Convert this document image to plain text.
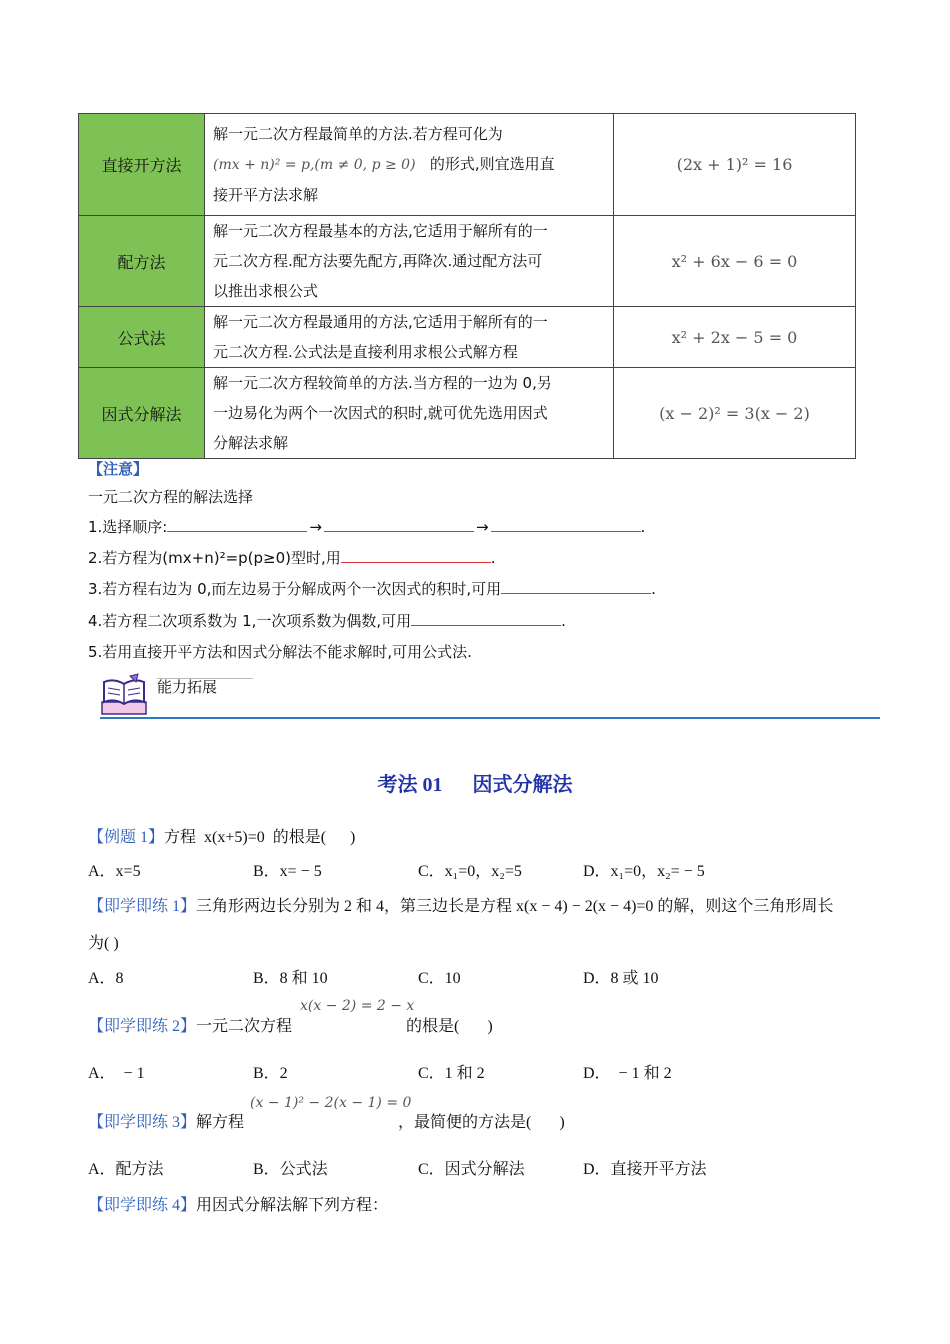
直接开方法	解一元二次方程最简单的方法.若方程可化为
(mx + n)² = p,(m ≠ 0, p ≥ 0) 的形式,则宜选用直
接开平方法求解	(2x + 1)² = 16
配方法	解一元二次方程最基本的方法,它适用于解所有的一
元二次方程.配方法要先配方,再降次.通过配方法可
以推出求根公式	x² + 6x − 6 = 0
公式法	解一元二次方程最通用的方法,它适用于解所有的一
元二次方程.公式法是直接利用求根公式解方程	x² + 2x − 5 = 0
因式分解法	解一元二次方程较简单的方法.当方程的一边为 0,另
一边易化为两个一次因式的积时,就可优先选用因式
分解法求解	(x − 2)² = 3(x − 2)
【注意】
一元二次方程的解法选择
1.选择顺序:	→	→	.
2.若方程为(mx+n)²=p(p≥0)型时,用	.
3.若方程右边为 0,而左边易于分解成两个一次因式的积时,可用	.
4.若方程二次项系数为 1,一次项系数为偶数,可用	.
5.若用直接开平方法和因式分解法不能求解时,可用公式法.
能力拓展
考法 01      因式分解法
【例题 1】方程  x(x+5)=0  的根是(      )
A．x=5	B．x= − 5	C．x₁=0，x₂=5	D．x₁=0，x₂= − 5
【即学即练 1】三角形两边长分别为 2 和 4，第三边长是方程 x(x − 4) − 2(x − 4)=0 的解，则这个三角形周长
为( )
A．8	B．8 和 10	C．10	D．8 或 10
【即学即练 2】一元二次方程
x(x − 2) = 2 − x
的根是(       )
A．  − 1	B．2	C．1 和 2	D．  − 1 和 2
【即学即练 3】解方程
(x − 1)² − 2(x − 1) = 0
，最简便的方法是(       )
A．配方法	B．公式法	C．因式分解法	D．直接开平方法
【即学即练 4】用因式分解法解下列方程：
